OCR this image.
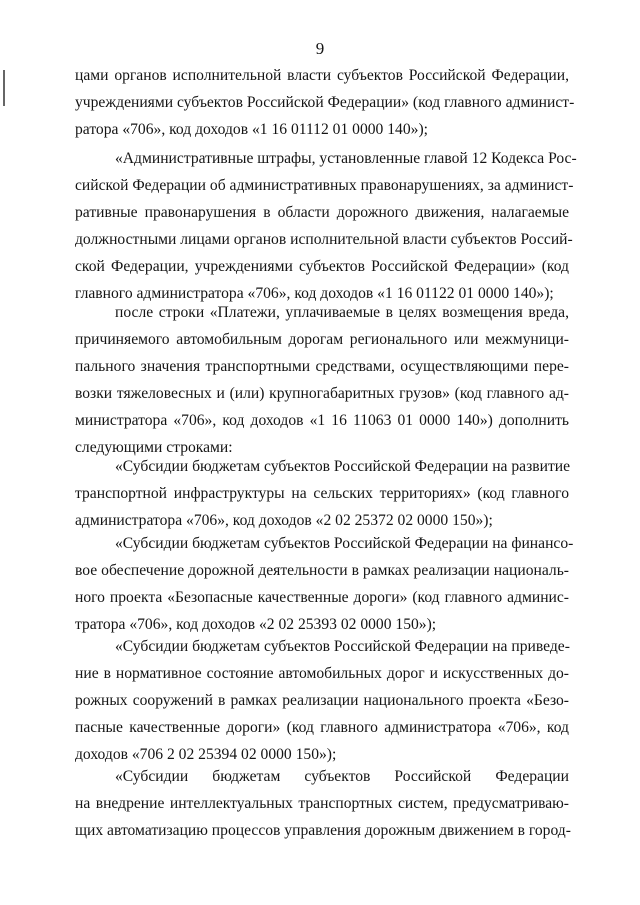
9
цами органов исполнительной власти субъектов Российской Федерации,
учреждениями субъектов Российской Федерации» (код главного админист-
ратора «706», код доходов «1 16 01112 01 0000 140»);
«Административные штрафы, установленные главой 12 Кодекса Рос-
сийской Федерации об административных правонарушениях, за админист-
ративные правонарушения в области дорожного движения, налагаемые
должностными лицами органов исполнительной власти субъектов Россий-
ской Федерации, учреждениями субъектов Российской Федерации» (код
главного администратора «706», код доходов «1 16 01122 01 0000 140»);
после строки «Платежи, уплачиваемые в целях возмещения вреда,
причиняемого автомобильным дорогам регионального или межмуници-
пального значения транспортными средствами, осуществляющими пере-
возки тяжеловесных и (или) крупногабаритных грузов» (код главного ад-
министратора «706», код доходов «1 16 11063 01 0000 140») дополнить
следующими строками:
«Субсидии бюджетам субъектов Российской Федерации на развитие
транспортной инфраструктуры на сельских территориях» (код главного
администратора «706», код доходов «2 02 25372 02 0000 150»);
«Субсидии бюджетам субъектов Российской Федерации на финансо-
вое обеспечение дорожной деятельности в рамках реализации националь-
ного проекта «Безопасные качественные дороги» (код главного админис-
тратора «706», код доходов «2 02 25393 02 0000 150»);
«Субсидии бюджетам субъектов Российской Федерации на приведе-
ние в нормативное состояние автомобильных дорог и искусственных до-
рожных сооружений в рамках реализации национального проекта «Безо-
пасные качественные дороги» (код главного администратора «706», код
доходов «706 2 02 25394 02 0000 150»);
«Субсидии бюджетам субъектов Российской Федерации
на внедрение интеллектуальных транспортных систем, предусматриваю-
щих автоматизацию процессов управления дорожным движением в город-
